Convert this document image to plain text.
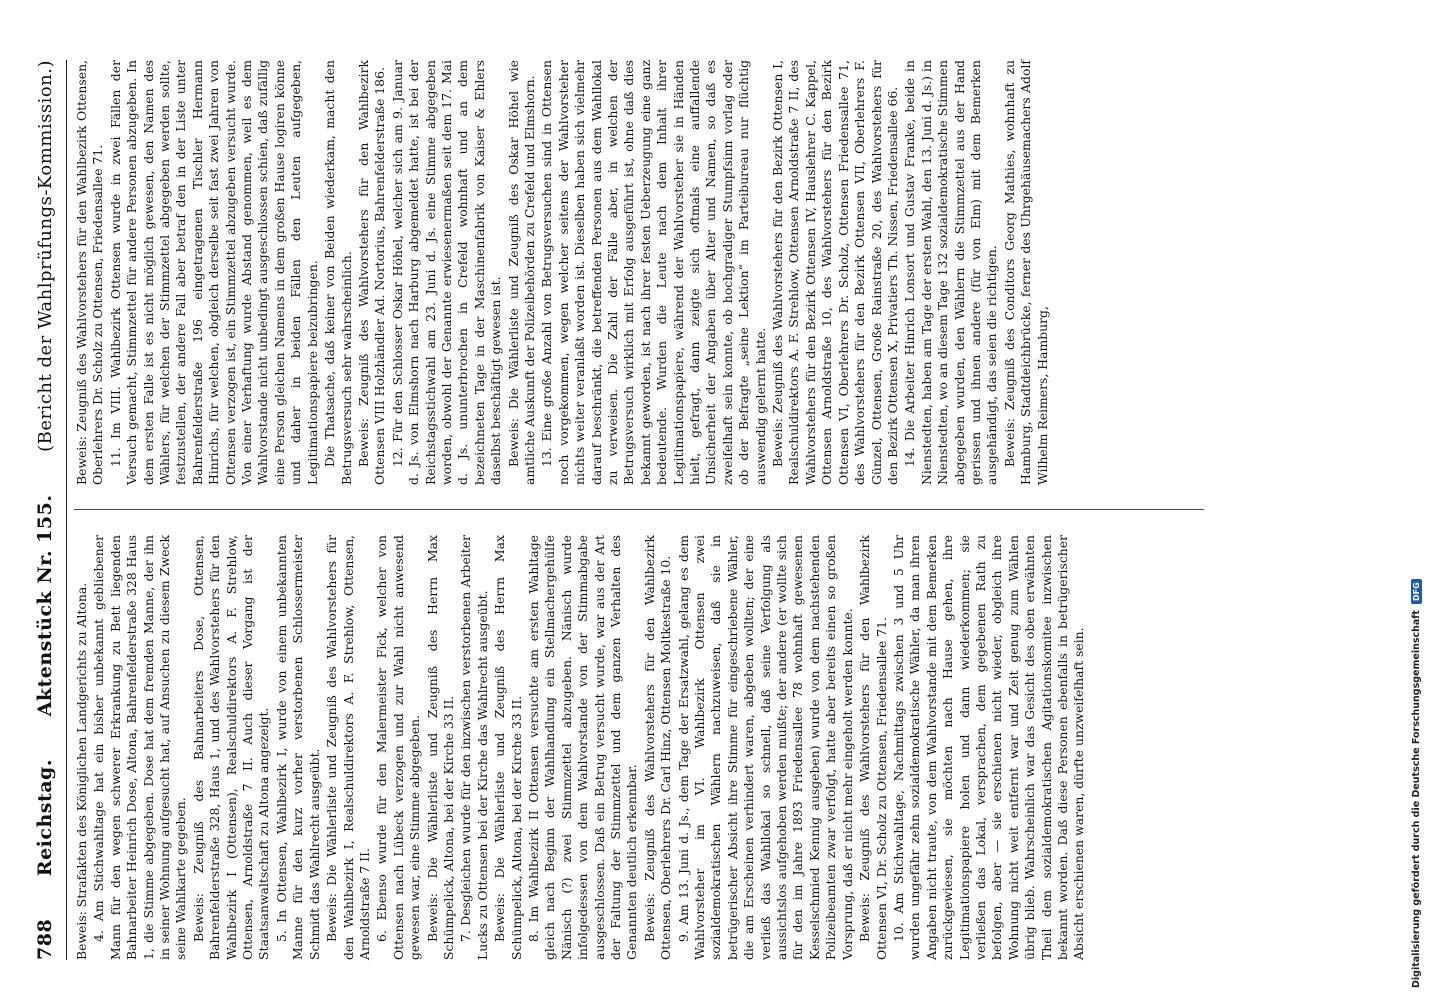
788
Reichstag.
Aktenstück Nr. 155.
(Bericht der Wahlprüfungs-Kommission.)

Beweis: Strafakten des Königlichen Landgerichts zu Altona. 4. Am Stichwahltage hat ein bisher unbekannt gebliebener Mann für den wegen schwerer Erkrankung zu Bett liegenden Bahnarbeiter Heinrich Dose, Altona, Bahrenfelderstraße 328 Haus 1, die Stimme abgegeben. Dose hat dem fremden Manne, der ihn in seiner Wohnung aufgesucht hat, auf Ansuchen zu diesem Zweck seine Wahlkarte gegeben. Beweis: Zeugniß des Bahnarbeiters Dose, Ottensen, Bahrenfelderstraße 328, Haus 1, und des Wahlvorstehers für den Wahlbezirk I (Ottensen), Realschuldirektors A. F. Strehlow, Ottensen, Arnoldstraße 7 II. Auch dieser Vorgang ist der Staatsanwaltschaft zu Altona angezeigt. 5. In Ottensen, Wahlbezirk I, wurde von einem unbekannten Manne für den kurz vorher verstorbenen Schlossermeister Schmidt das Wahlrecht ausgeübt. Beweis: Die Wählerliste und Zeugniß des Wahlvorstehers für den Wahlbezirk I, Realschuldirektors A. F. Strehlow, Ottensen, Arnoldstraße 7 II. 6. Ebenso wurde für den Malermeister Fick, welcher von Ottensen nach Lübeck verzogen und zur Wahl nicht anwesend gewesen war, eine Stimme abgegeben. Beweis: Die Wählerliste und Zeugniß des Herrn Max Schümpelick, Altona, bei der Kirche 33 II. 7. Desgleichen wurde für den inzwischen verstorbenen Arbeiter Lucks zu Ottensen bei der Kirche das Wahlrecht ausgeübt. Beweis: Die Wählerliste und Zeugniß des Herrn Max Schümpelick, Altona, bei der Kirche 33 II. 8. Im Wahlbezirk II Ottensen versuchte am ersten Wahltage gleich nach Beginn der Wahlhandlung ein Stellmachergehülfe Nänisch (?) zwei Stimmzettel abzugeben. Nänisch wurde infolgedessen von dem Wahlvorstande von der Stimmabgabe ausgeschlossen. Daß ein Betrug versucht wurde, war aus der Art der Faltung der Stimmzettel und dem ganzen Verhalten des Genannten deutlich erkennbar. Beweis: Zeugniß des Wahlvorstehers für den Wahlbezirk Ottensen, Oberlehrers Dr. Carl Hinz, Ottensen Moltkestraße 10. 9. Am 13. Juni d. Js., dem Tage der Ersatzwahl, gelang es dem Wahlvorsteher im VI. Wahlbezirk Ottensen zwei sozialdemokratischen Wählern nachzuweisen, daß sie in betrügerischer Absicht ihre Stimme für eingeschriebene Wähler, die am Erscheinen verhindert waren, abgeben wollten; der eine verließ das Wahllokal so schnell, daß seine Verfolgung als aussichtslos aufgehoben werden mußte; der andere (er wollte sich für den im Jahre 1893 Friedensallee 78 wohnhaft gewesenen Kesselschmied Kennig ausgeben) wurde von dem nachstehenden Polizeibeamten zwar verfolgt, hatte aber bereits einen so großen Vorsprung, daß er nicht mehr eingeholt werden konnte. Beweis: Zeugniß des Wahlvorstehers für den Wahlbezirk Ottensen VI, Dr. Scholz zu Ottensen, Friedensallee 71. 10. Am Stichwahltage, Nachmittags zwischen 3 und 5 Uhr wurden ungefähr zehn sozialdemokratische Wähler, da man ihren Angaben nicht traute, von dem Wahlvorstande mit dem Bemerken zurückgewiesen, sie möchten nach Hause gehen, ihre Legitimationspapiere holen und dann wiederkommen; sie verließen das Lokal, versprachen, dem gegebenen Rath zu befolgen, aber — sie erschienen nicht wieder, obgleich ihre Wohnung nicht weit entfernt war und Zeit genug zum Wählen übrig blieb. Wahrscheinlich war das Gesicht des oben erwähnten Theil dem sozialdemokratischen Agitationskomitee inzwischen bekannt worden. Daß diese Personen ebenfalls in betrügerischer Absicht erschienen waren, dürfte unzweifelhaft sein.

Beweis: Zeugniß des Wahlvorstehers für den Wahlbezirk Ottensen, Oberlehrers Dr. Scholz zu Ottensen, Friedensallee 71. 11. Im VIII. Wahlbezirk Ottensen wurde in zwei Fällen der Versuch gemacht, Stimmzettel für andere Personen abzugeben. In dem ersten Falle ist es nicht möglich gewesen, den Namen des Wählers, für welchen der Stimmzettel abgegeben werden sollte, festzustellen, der andere Fall aber betraf den in der Liste unter Bahrenfelderstraße 196 eingetragenen Tischler Hermann Hinrichs, für welchen, obgleich derselbe seit fast zwei Jahren von Ottensen verzogen ist, ein Stimmzettel abzugeben versucht wurde. Von einer Verhaftung wurde Abstand genommen, weil es dem Wahlvorstande nicht unbedingt ausgeschlossen schien, daß zufällig eine Person gleichen Namens in dem großen Hause logiren könne und daher in beiden Fällen den Leuten aufgegeben, Legitimationspapiere beizubringen. Die Thatsache, daß keiner von Beiden wiederkam, macht den Betrugsversuch sehr wahrscheinlich. Beweis: Zeugniß des Wahlvorstehers für den Wahlbezirk Ottensen VIII Holzhändler Ad. Nortorius, Bahrenfelderstraße 186. 12. Für den Schlosser Oskar Höhel, welcher sich am 9. Januar d. Js. von Elmshorn nach Harburg abgemeldet hatte, ist bei der Reichstagsstichwahl am 23. Juni d. Js. eine Stimme abgegeben worden, obwohl der Genannte erwiesenermaßen seit dem 17. Mai d. Js. ununterbrochen in Crefeld wohnhaft und an dem bezeichneten Tage in der Maschinenfabrik von Kaiser & Ehlers daselbst beschäftigt gewesen ist. Beweis: Die Wählerliste und Zeugniß des Oskar Höhel wie amtliche Auskunft der Polizeibehörden zu Crefeld und Elmshorn. 13. Eine große Anzahl von Betrugsversuchen sind in Ottensen noch vorgekommen, wegen welcher seitens der Wahlvorsteher nichts weiter veranlaßt worden ist. Dieselben haben sich vielmehr darauf beschränkt, die betreffenden Personen aus dem Wahllokal zu verweisen. Die Zahl der Fälle aber, in welchen der Betrugsversuch wirklich mit Erfolg ausgeführt ist, ohne daß dies bekannt geworden, ist nach ihrer festen Ueberzeugung eine ganz bedeutende. Wurden die Leute nach dem Inhalt ihrer Legitimationspapiere, während der Wahlvorsteher sie in Händen hielt, gefragt, dann zeigte sich oftmals eine auffallende Unsicherheit der Angaben über Alter und Namen, so daß es zweifelhaft sein konnte, ob hochgradiger Stumpfsinn vorlag oder ob der Befragte „seine Lektion“ im Parteibureau nur flüchtig auswendig gelernt hatte. Beweis: Zeugniß des Wahlvorstehers für den Bezirk Ottensen I, Realschuldirektors A. F. Strehlow, Ottensen Arnoldstraße 7 II, des Wahlvorstehers für den Bezirk Ottensen IV, Hauslehrer C. Kappel, Ottensen Arnoldstraße 10, des Wahlvorstehers für den Bezirk Ottensen VI, Oberlehrers Dr. Scholz, Ottensen Friedensallee 71, des Wahlvorstehers für den Bezirk Ottensen VII, Oberlehrers F. Günzel, Ottensen, Große Rainstraße 20, des Wahlvorstehers für den Bezirk Ottensen X, Privatiers Th. Nissen, Friedensallee 66. 14. Die Arbeiter Hinrich Lonsort und Gustav Franke, beide in Nienstedten, haben am Tage der ersten Wahl, den 13. Juni d. Js.) in Nienstedten, wo an diesem Tage 132 sozialdemokratische Stimmen abgegeben wurden, den Wählern die Stimmzettel aus der Hand gerissen und ihnen andere (für von Elm) mit dem Bemerken ausgehändigt, das seien die richtigen. Beweis: Zeugniß des Conditors Georg Mathies, wohnhaft zu Hamburg, Stadtdeichbrücke, ferner des Uhrgehäusemachers Adolf Wilhelm Reimers, Hamburg,

Digitalisierung gefördert durch die Deutsche Forschungsgemeinschaft
DFG
